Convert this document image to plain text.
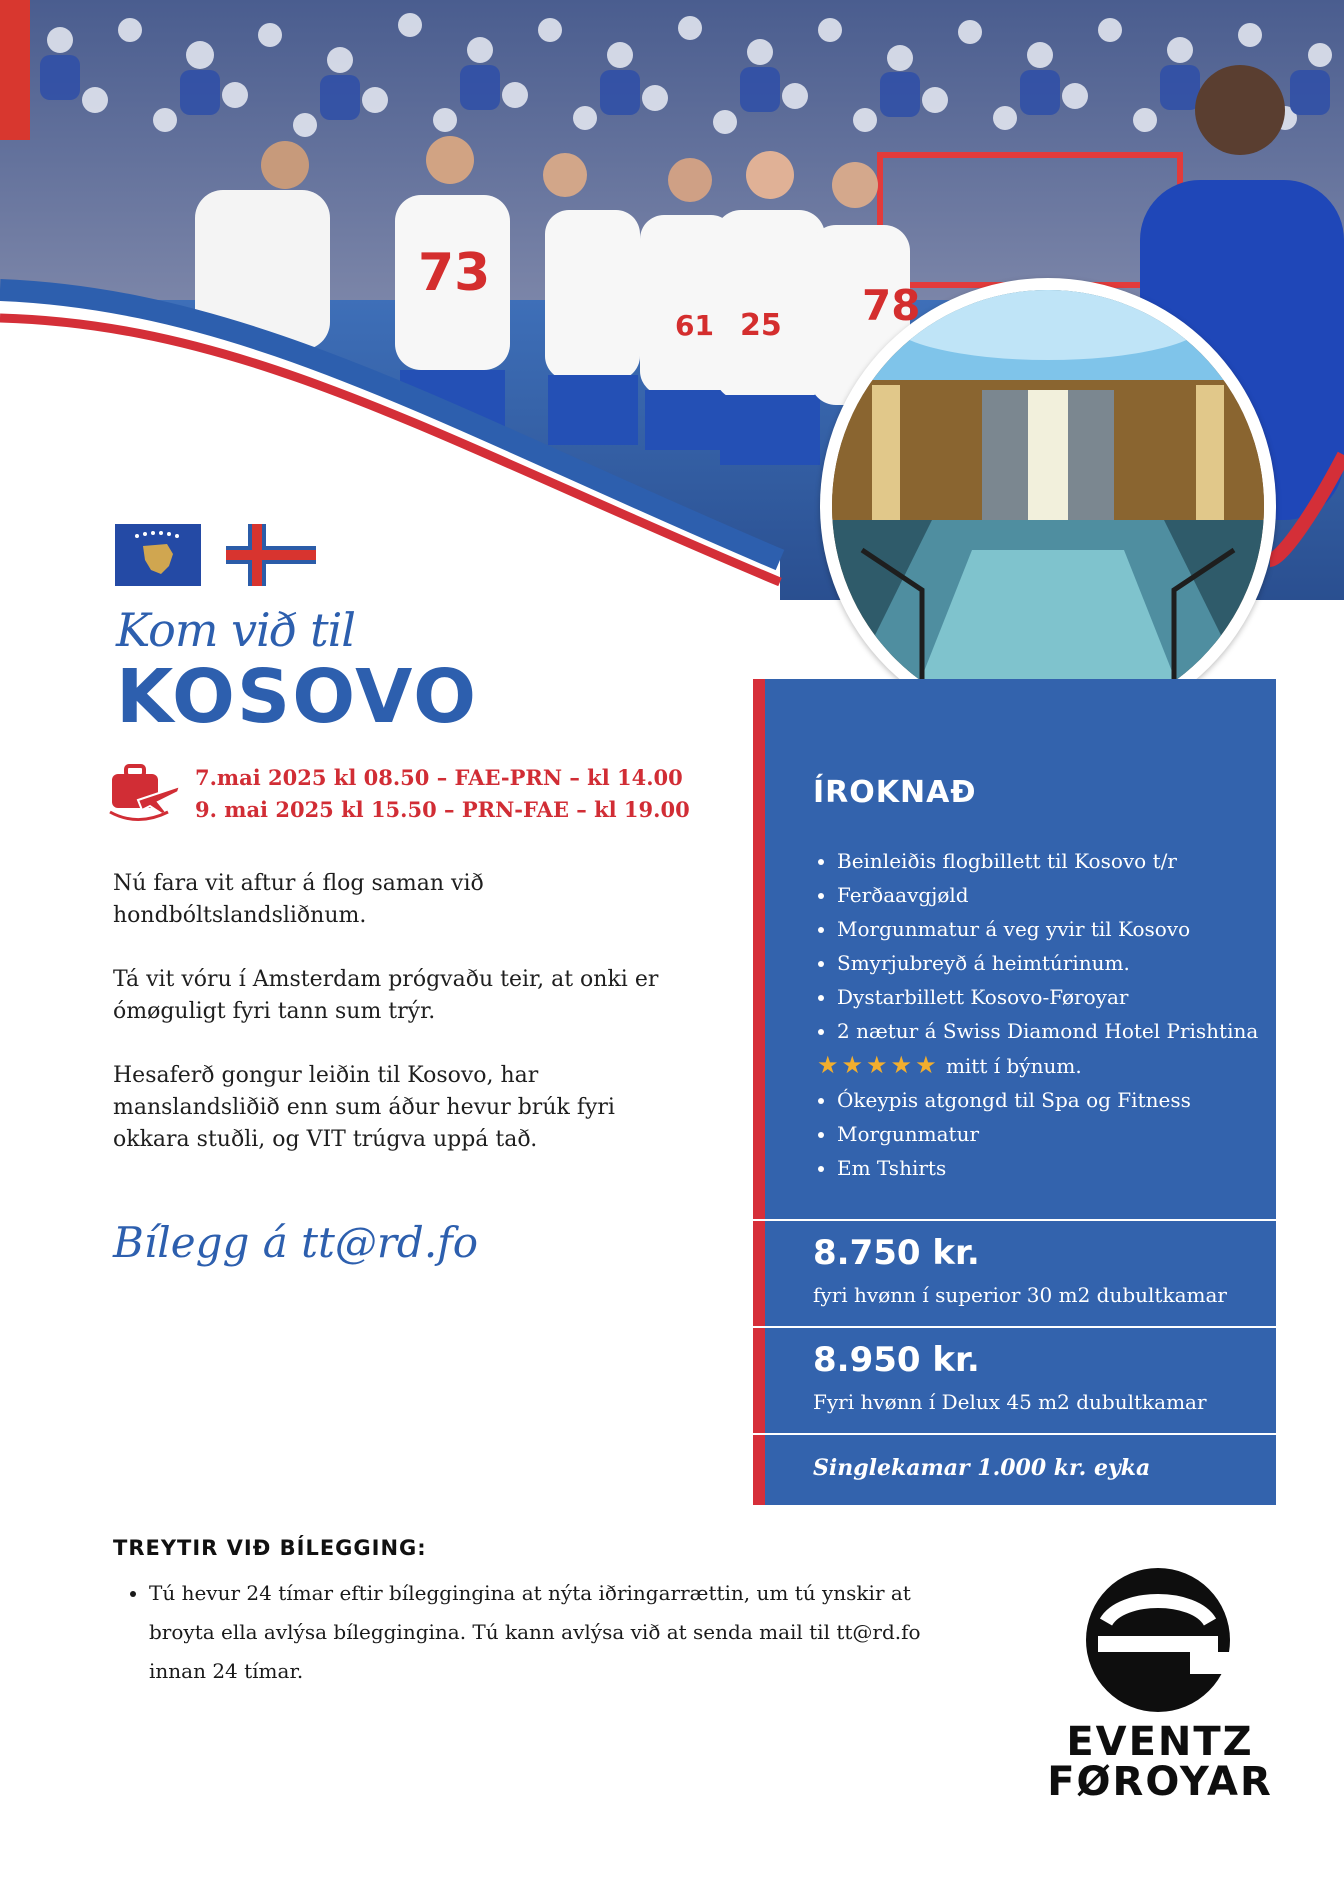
73
61 25 78
Kom við til
KOSOVO
7.mai 2025 kl 08.50 – FAE-PRN – kl 14.00
9. mai 2025 kl 15.50 – PRN-FAE – kl 19.00

Nú fara vit aftur á flog saman við hondbóltslandsliðnum.

Tá vit vóru í Amsterdam prógvaðu teir, at onki er ómøguligt fyri tann sum trýr.

Hesaferð gongur leiðin til Kosovo, har manslandsliðið enn sum áður hevur brúk fyri okkara stuðli, og VIT trúgva uppá tað.

Bílegg á tt@rd.fo
ÍROKNAÐ
• Beinleiðis flogbillett til Kosovo t/r
• Ferðaavgjøld
• Morgunmatur á veg yvir til Kosovo
• Smyrjubreyð á heimtúrinum.
• Dystarbillett Kosovo-Føroyar
• 2 nætur á Swiss Diamond Hotel Prishtina
★★★★★ mitt í býnum.
• Ókeypis atgongd til Spa og Fitness
• Morgunmatur
• Em Tshirts
8.750 kr.
fyri hvønn í superior 30 m2 dubultkamar
8.950 kr.
Fyri hvønn í Delux 45 m2 dubultkamar
Singlekamar 1.000 kr. eyka
TREYTIR VIÐ BÍLEGGING:
• Tú hevur 24 tímar eftir bíleggingina at nýta iðringarrættin, um tú ynskir at broyta ella avlýsa bíleggingina. Tú kann avlýsa við at senda mail til tt@rd.fo innan 24 tímar.
EVENTZ
FØROYAR
